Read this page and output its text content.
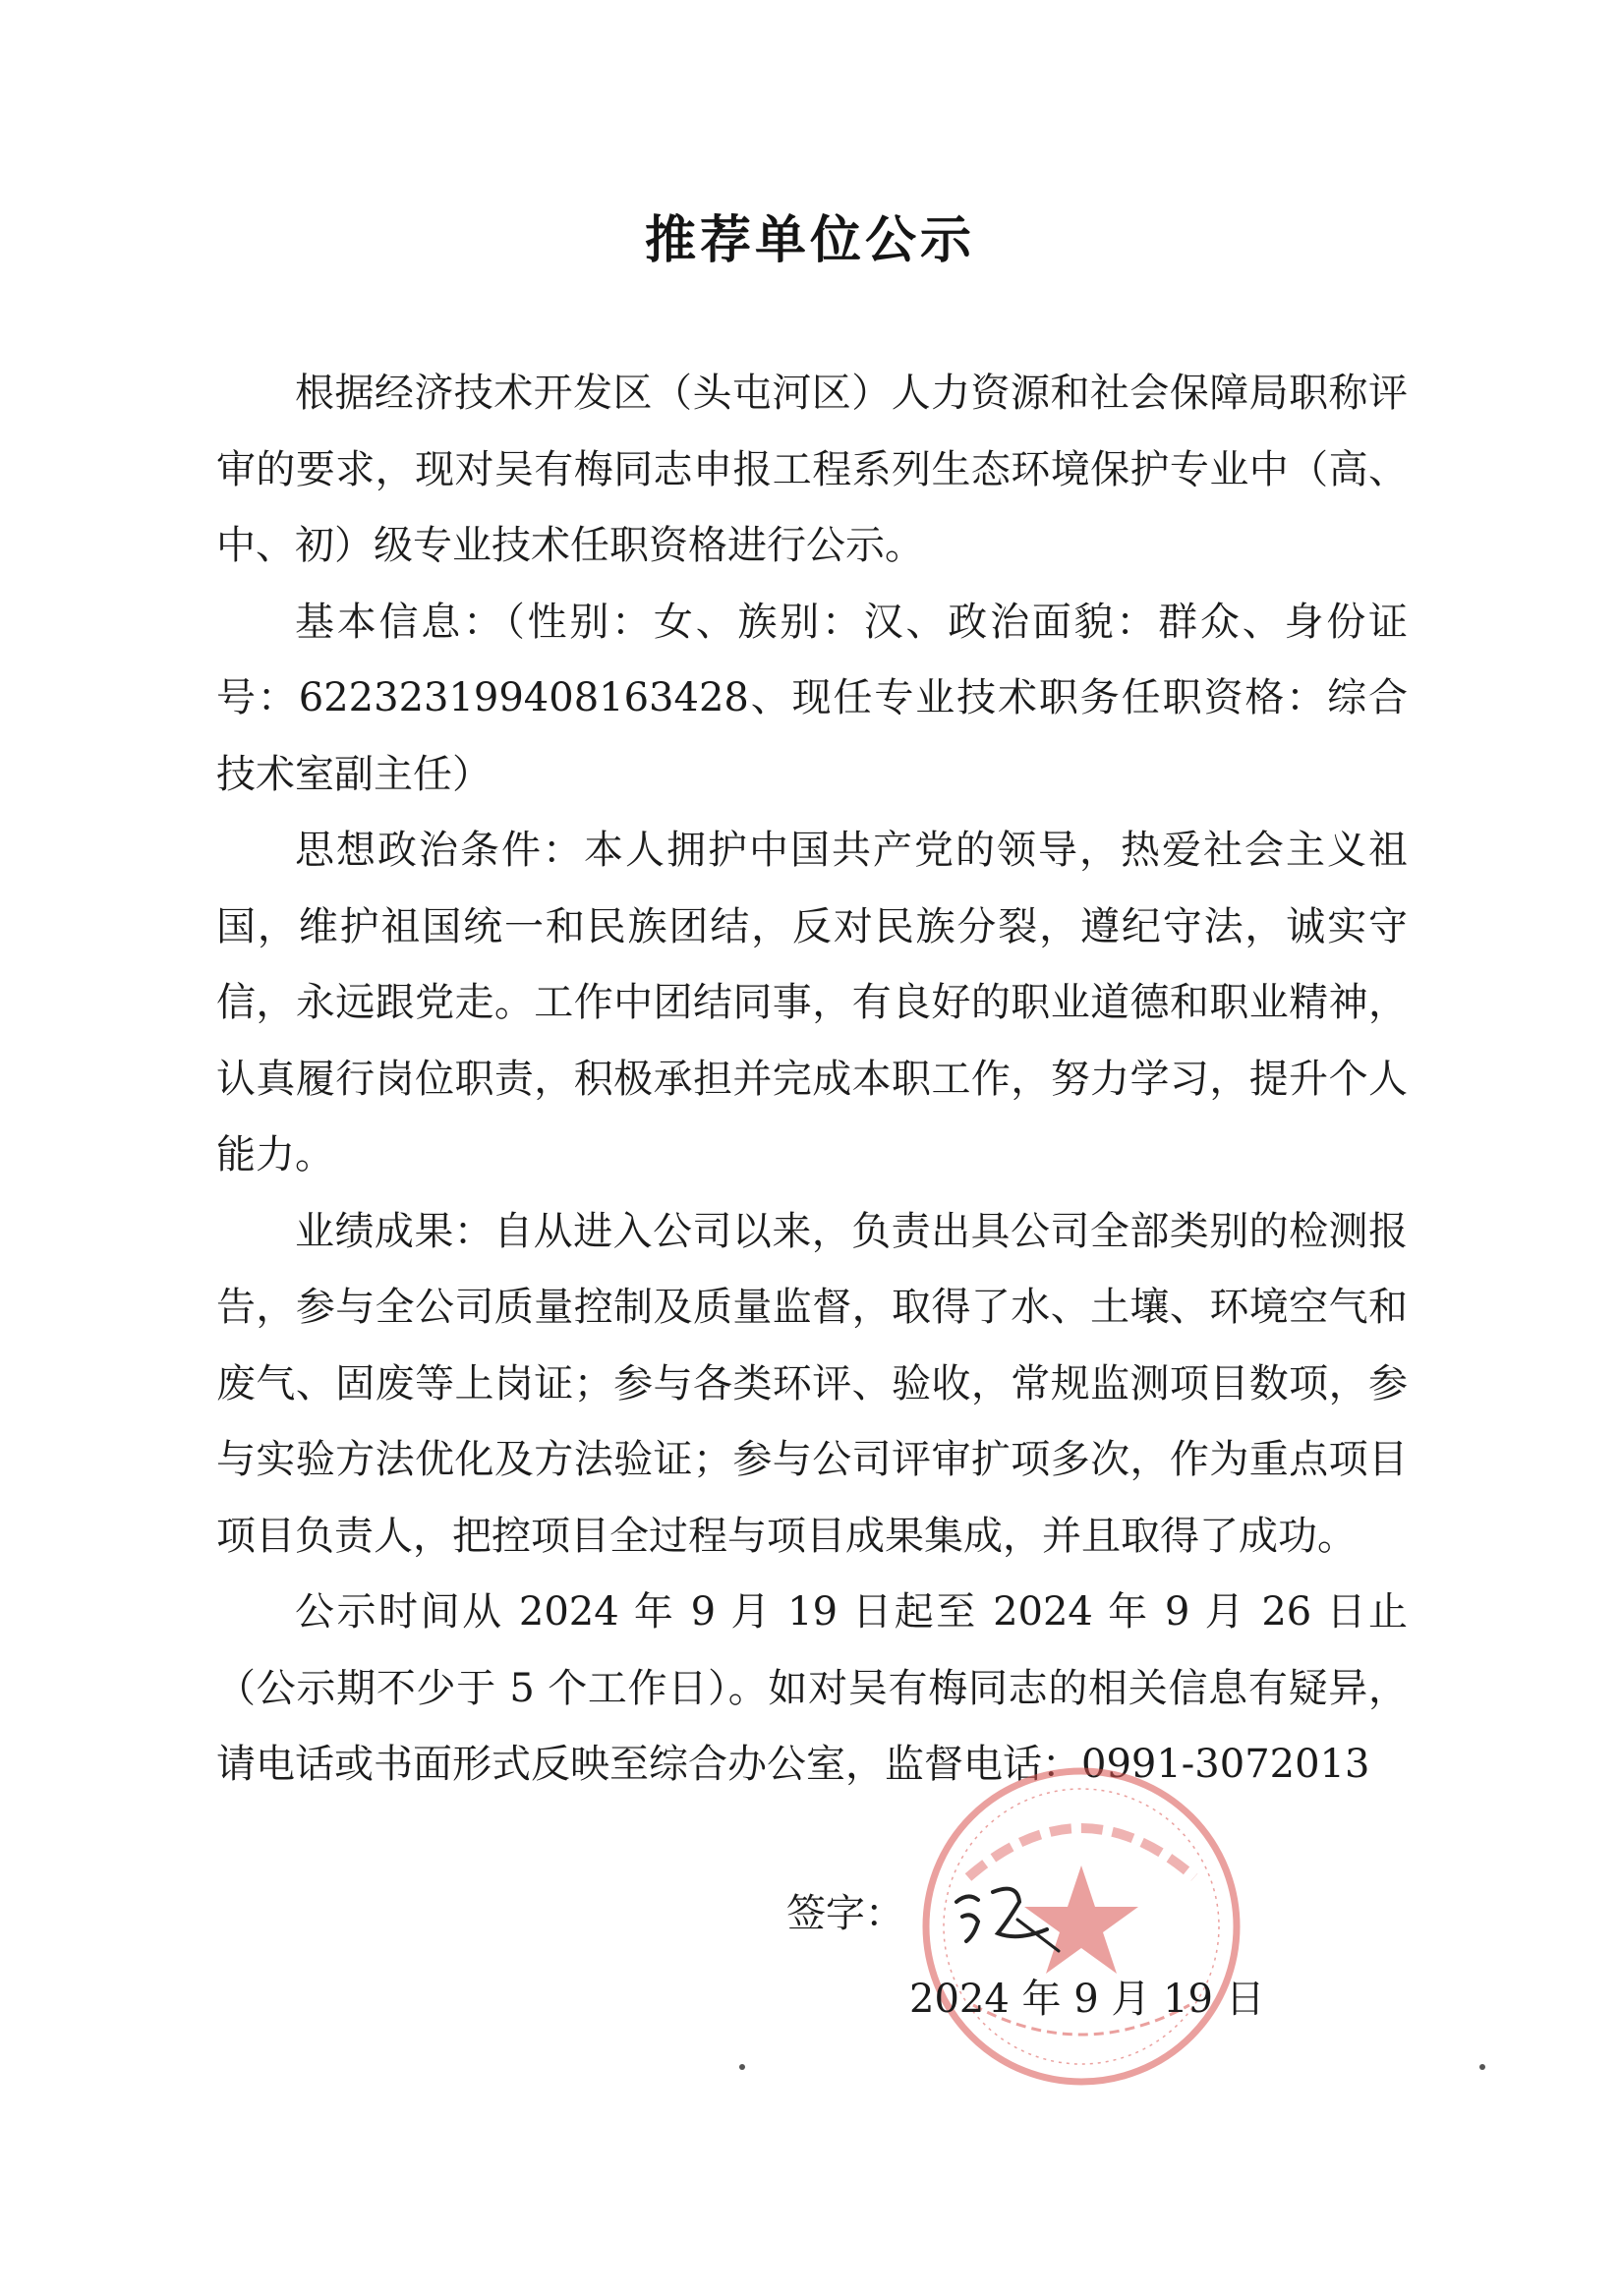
推荐单位公示

根据经济技术开发区（头屯河区）人力资源和社会保障局职称评审的要求，现对吴有梅同志申报工程系列生态环境保护专业中（高、中、初）级专业技术任职资格进行公示。

基本信息：（性别：女、族别：汉、政治面貌：群众、身份证号：622323199408163428、现任专业技术职务任职资格：综合技术室副主任）

思想政治条件：本人拥护中国共产党的领导，热爱社会主义祖国，维护祖国统一和民族团结，反对民族分裂，遵纪守法，诚实守信，永远跟党走。工作中团结同事，有良好的职业道德和职业精神，认真履行岗位职责，积极承担并完成本职工作，努力学习，提升个人能力。

业绩成果：自从进入公司以来，负责出具公司全部类别的检测报告，参与全公司质量控制及质量监督，取得了水、土壤、环境空气和废气、固废等上岗证；参与各类环评、验收，常规监测项目数项，参与实验方法优化及方法验证；参与公司评审扩项多次，作为重点项目项目负责人，把控项目全过程与项目成果集成，并且取得了成功。

公示时间从 2024 年 9 月 19 日起至 2024 年 9 月 26 日止（公示期不少于 5 个工作日）。如对吴有梅同志的相关信息有疑异，请电话或书面形式反映至综合办公室，监督电话：0991-3072013

签字：
2024 年 9 月 19 日
